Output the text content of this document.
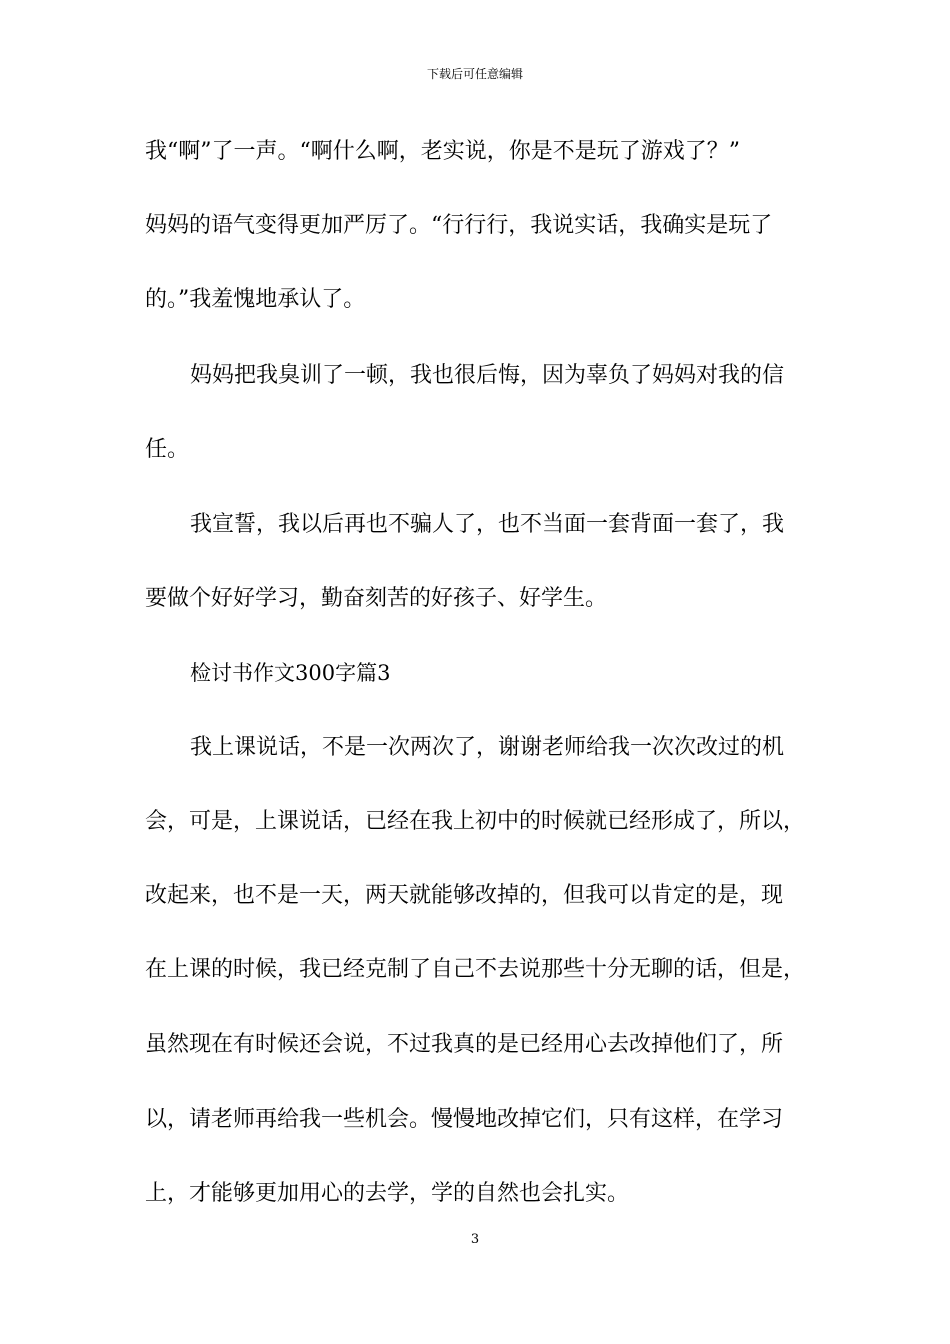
下载后可任意编辑
我“啊”了一声。“啊什么啊，老实说，你是不是玩了游戏了？”
妈妈的语气变得更加严厉了。“行行行，我说实话，我确实是玩了
的。”我羞愧地承认了。
妈妈把我臭训了一顿，我也很后悔，因为辜负了妈妈对我的信
任。
我宣誓，我以后再也不骗人了，也不当面一套背面一套了，我
要做个好好学习，勤奋刻苦的好孩子、好学生。
检讨书作文300字篇3
我上课说话，不是一次两次了，谢谢老师给我一次次改过的机
会，可是，上课说话，已经在我上初中的时候就已经形成了，所以，
改起来，也不是一天，两天就能够改掉的，但我可以肯定的是，现
在上课的时候，我已经克制了自己不去说那些十分无聊的话，但是，
虽然现在有时候还会说，不过我真的是已经用心去改掉他们了，所
以，请老师再给我一些机会。慢慢地改掉它们，只有这样，在学习
上，才能够更加用心的去学，学的自然也会扎实。
3
